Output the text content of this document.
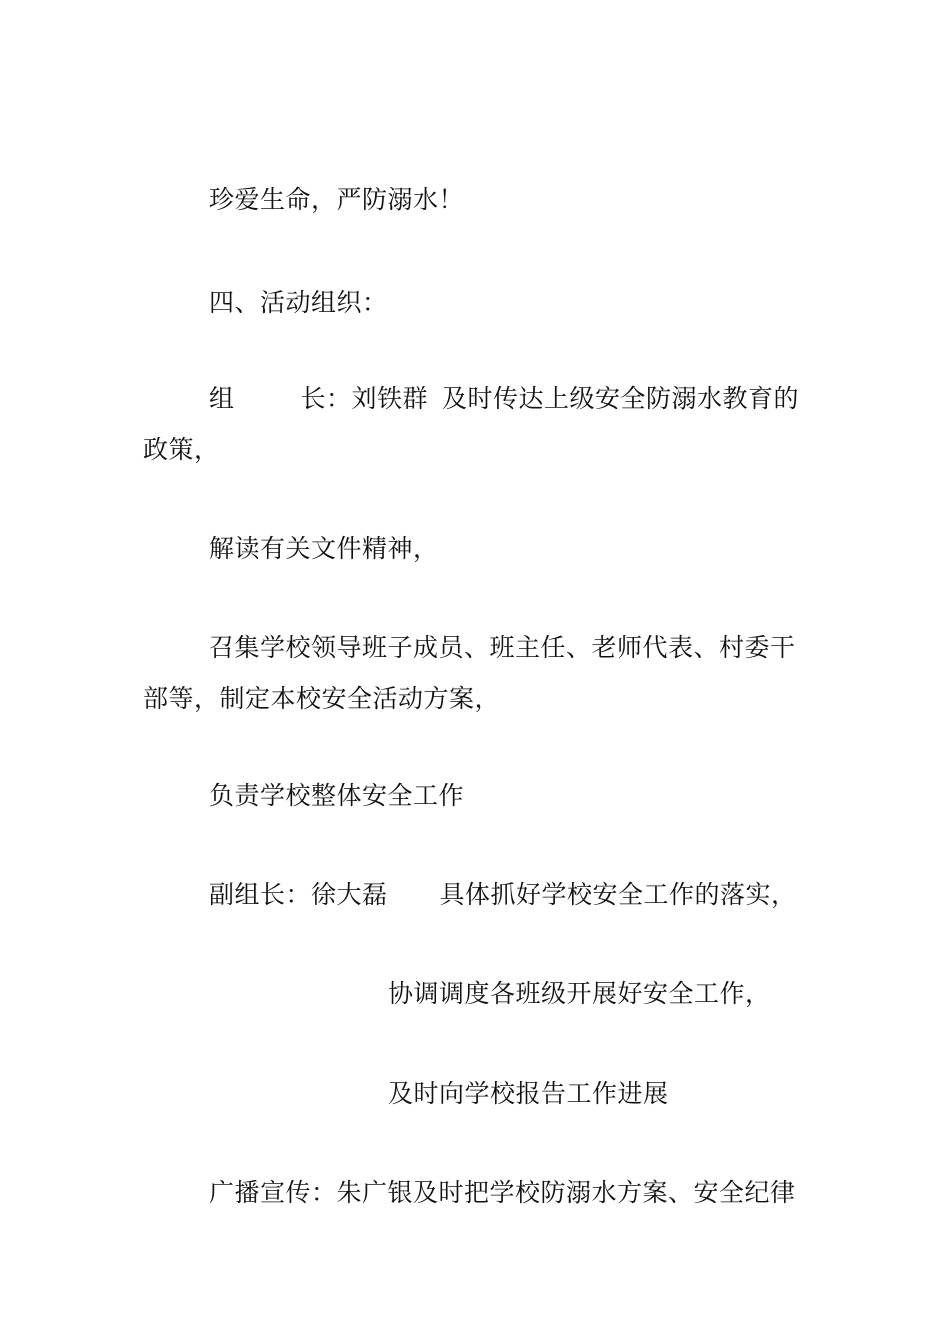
珍爱生命，严防溺水！
四、活动组织：
组	长：刘铁群 及时传达上级安全防溺水教育的
政策，
解读有关文件精神，
召集学校领导班子成员、班主任、老师代表、村委干
部等，制定本校安全活动方案，
负责学校整体安全工作
副组长：徐大磊 具体抓好学校安全工作的落实，
协调调度各班级开展好安全工作，
及时向学校报告工作进展
广播宣传：朱广银及时把学校防溺水方案、安全纪律
